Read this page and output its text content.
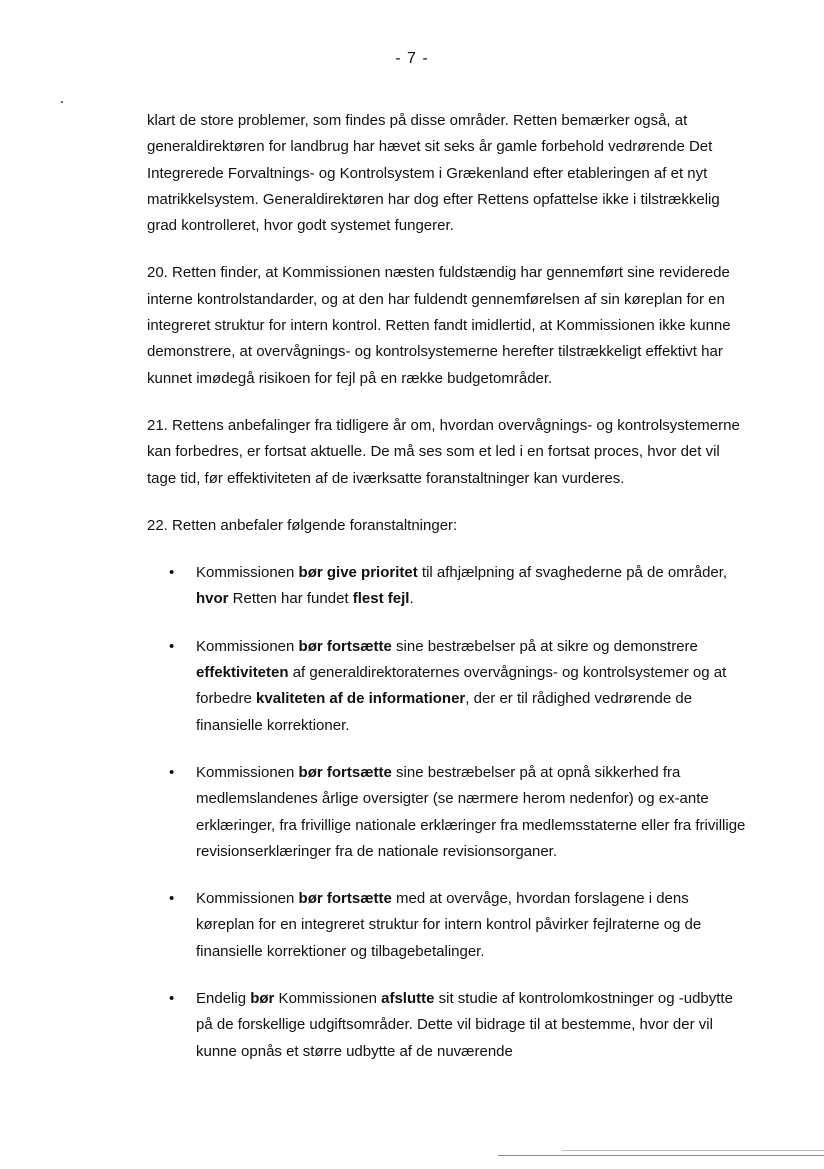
- 7 -

klart de store problemer, som findes på disse områder. Retten bemærker også, at generaldirektøren for landbrug har hævet sit seks år gamle forbehold vedrørende Det Integrerede Forvaltnings- og Kontrolsystem i Grækenland efter etableringen af et nyt matrikkelsystem. Generaldirektøren har dog efter Rettens opfattelse ikke i tilstrækkelig grad kontrolleret, hvor godt systemet fungerer.

20. Retten finder, at Kommissionen næsten fuldstændig har gennemført sine reviderede interne kontrolstandarder, og at den har fuldendt gennemførelsen af sin køreplan for en integreret struktur for intern kontrol. Retten fandt imidlertid, at Kommissionen ikke kunne demonstrere, at overvågnings- og kontrolsystemerne herefter tilstrækkeligt effektivt har kunnet imødegå risikoen for fejl på en række budgetområder.

21. Rettens anbefalinger fra tidligere år om, hvordan overvågnings- og kontrolsystemerne kan forbedres, er fortsat aktuelle. De må ses som et led i en fortsat proces, hvor det vil tage tid, før effektiviteten af de iværksatte foranstaltninger kan vurderes.

22. Retten anbefaler følgende foranstaltninger:

• Kommissionen bør give prioritet til afhjælpning af svaghederne på de områder, hvor Retten har fundet flest fejl.
• Kommissionen bør fortsætte sine bestræbelser på at sikre og demonstrere effektiviteten af generaldirektoraternes overvågnings- og kontrolsystemer og at forbedre kvaliteten af de informationer, der er til rådighed vedrørende de finansielle korrektioner.
• Kommissionen bør fortsætte sine bestræbelser på at opnå sikkerhed fra medlemslandenes årlige oversigter (se nærmere herom nedenfor) og ex-ante erklæringer, fra frivillige nationale erklæringer fra medlemsstaterne eller fra frivillige revisionserklæringer fra de nationale revisionsorganer.
• Kommissionen bør fortsætte med at overvåge, hvordan forslagene i dens køreplan for en integreret struktur for intern kontrol påvirker fejlraterne og de finansielle korrektioner og tilbagebetalinger.
• Endelig bør Kommissionen afslutte sit studie af kontrolomkostninger og -udbytte på de forskellige udgiftsområder. Dette vil bidrage til at bestemme, hvor der vil kunne opnås et større udbytte af de nuværende
